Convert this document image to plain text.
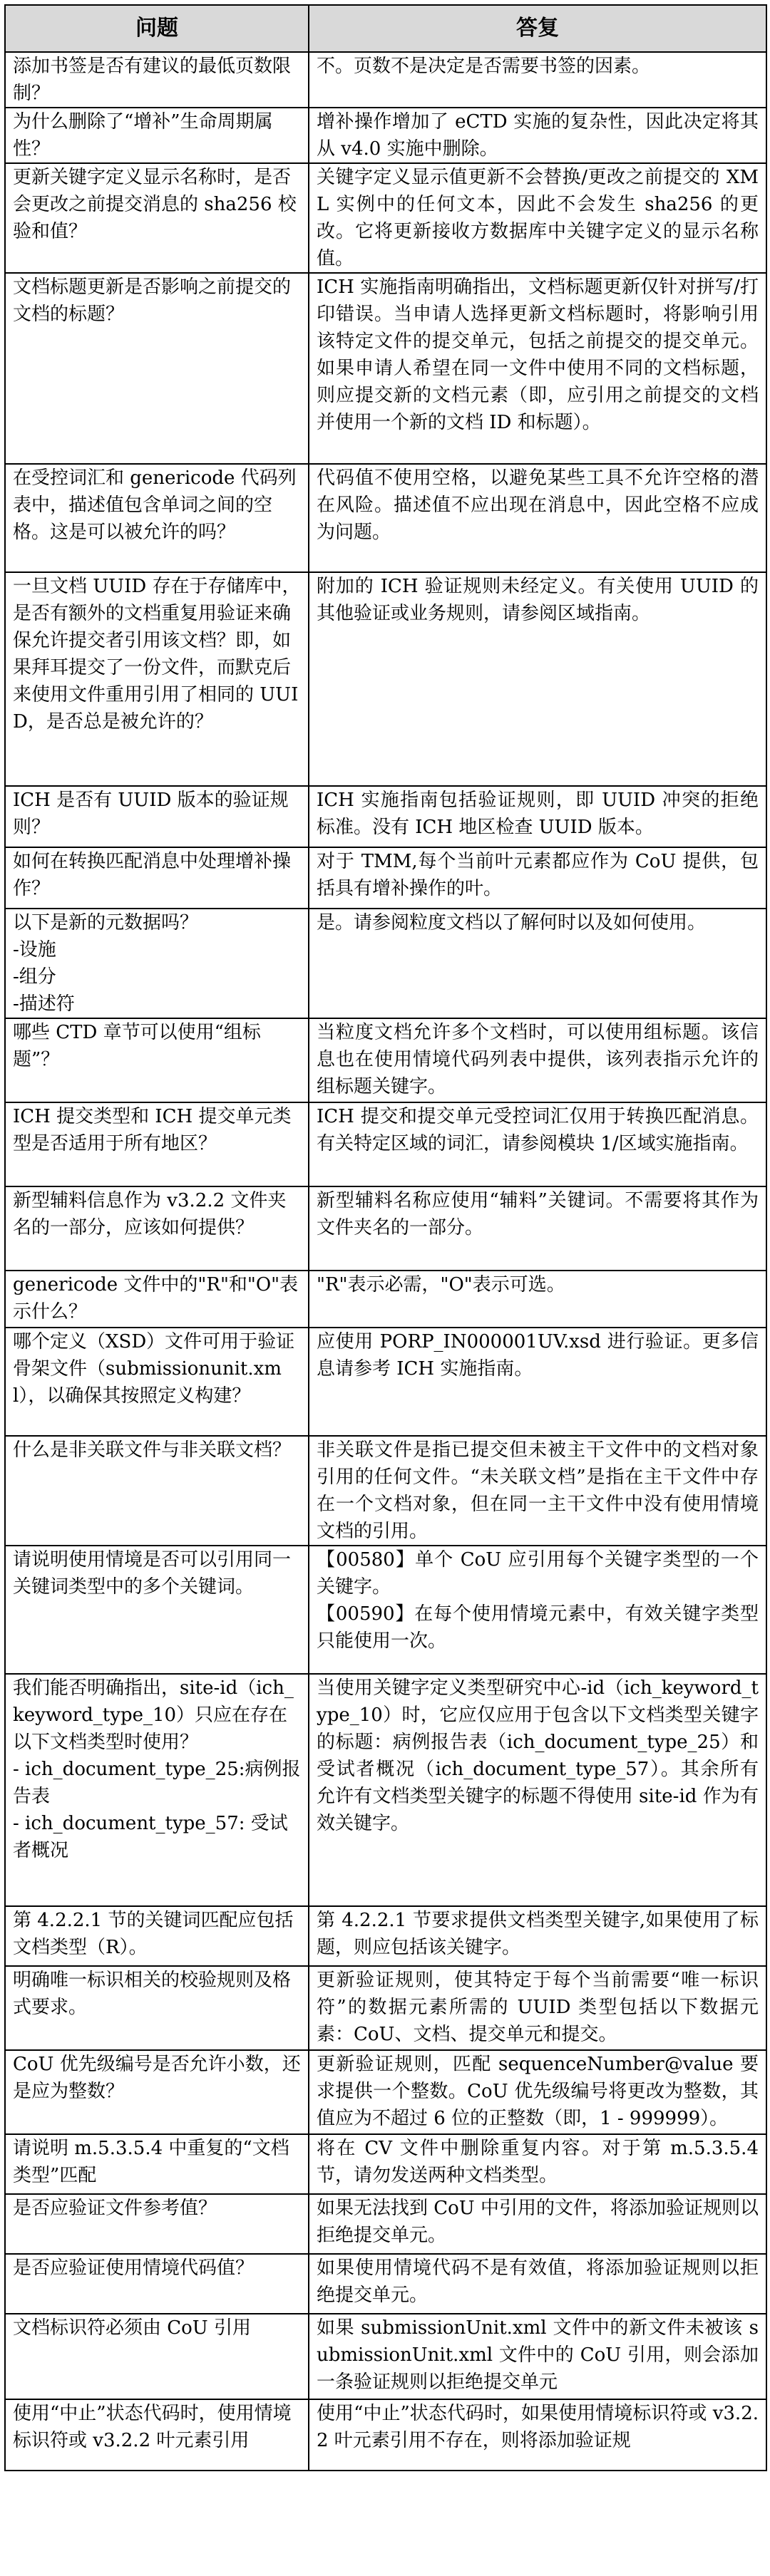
问题	答复
添加书签是否有建议的最低页数限制？	不。页数不是决定是否需要书签的因素。
为什么删除了“增补”生命周期属性？	增补操作增加了 eCTD 实施的复杂性，因此决定将其从 v4.0 实施中删除。
更新关键字定义显示名称时，是否会更改之前提交消息的 sha256 校验和值？	关键字定义显示值更新不会替换/更改之前提交的 XML 实例中的任何文本，因此不会发生 sha256 的更改。它将更新接收方数据库中关键字定义的显示名称值。
文档标题更新是否影响之前提交的文档的标题？	ICH 实施指南明确指出，文档标题更新仅针对拼写/打印错误。当申请人选择更新文档标题时，将影响引用该特定文件的提交单元，包括之前提交的提交单元。如果申请人希望在同一文件中使用不同的文档标题，则应提交新的文档元素（即，应引用之前提交的文档并使用一个新的文档 ID 和标题）。
在受控词汇和 genericode 代码列表中，描述值包含单词之间的空格。这是可以被允许的吗？	代码值不使用空格，以避免某些工具不允许空格的潜在风险。描述值不应出现在消息中，因此空格不应成为问题。
一旦文档 UUID 存在于存储库中，是否有额外的文档重复用验证来确保允许提交者引用该文档？即，如果拜耳提交了一份文件，而默克后来使用文件重用引用了相同的 UUID，是否总是被允许的？	附加的 ICH 验证规则未经定义。有关使用 UUID 的其他验证或业务规则，请参阅区域指南。
ICH 是否有 UUID 版本的验证规则？	ICH 实施指南包括验证规则，即 UUID 冲突的拒绝标准。没有 ICH 地区检查 UUID 版本。
如何在转换匹配消息中处理增补操作？	对于 TMM,每个当前叶元素都应作为 CoU 提供，包括具有增补操作的叶。
以下是新的元数据吗？
-设施
-组分
-描述符	是。请参阅粒度文档以了解何时以及如何使用。
哪些 CTD 章节可以使用“组标题”？	当粒度文档允许多个文档时，可以使用组标题。该信息也在使用情境代码列表中提供，该列表指示允许的组标题关键字。
ICH 提交类型和 ICH 提交单元类型是否适用于所有地区？	ICH 提交和提交单元受控词汇仅用于转换匹配消息。有关特定区域的词汇，请参阅模块 1/区域实施指南。
新型辅料信息作为 v3.2.2 文件夹名的一部分，应该如何提供？	新型辅料名称应使用“辅料”关键词。不需要将其作为文件夹名的一部分。
genericode 文件中的"R"和"O"表示什么？	"R"表示必需，"O"表示可选。
哪个定义（XSD）文件可用于验证骨架文件（submissionunit.xml），以确保其按照定义构建？	应使用 PORP_IN000001UV.xsd 进行验证。更多信息请参考 ICH 实施指南。
什么是非关联文件与非关联文档？	非关联文件是指已提交但未被主干文件中的文档对象引用的任何文件。“未关联文档”是指在主干文件中存在一个文档对象，但在同一主干文件中没有使用情境文档的引用。
请说明使用情境是否可以引用同一关键词类型中的多个关键词。	【00580】单个 CoU 应引用每个关键字类型的一个关键字。
【00590】在每个使用情境元素中，有效关键字类型只能使用一次。
我们能否明确指出，site-id（ich_keyword_type_10）只应在存在以下文档类型时使用？
- ich_document_type_25:病例报告表
- ich_document_type_57: 受试者概况	当使用关键字定义类型研究中心-id（ich_keyword_type_10）时，它应仅应用于包含以下文档类型关键字的标题：病例报告表（ich_document_type_25）和受试者概况（ich_document_type_57）。其余所有允许有文档类型关键字的标题不得使用 site-id 作为有效关键字。
第 4.2.2.1 节的关键词匹配应包括文档类型（R）。	第 4.2.2.1 节要求提供文档类型关键字,如果使用了标题，则应包括该关键字。
明确唯一标识相关的校验规则及格式要求。	更新验证规则，使其特定于每个当前需要“唯一标识符”的数据元素所需的 UUID 类型包括以下数据元素：CoU、文档、提交单元和提交。
CoU 优先级编号是否允许小数，还是应为整数？	更新验证规则，匹配 sequenceNumber@value 要求提供一个整数。CoU 优先级编号将更改为整数，其值应为不超过 6 位的正整数（即，1 - 999999）。
请说明 m.5.3.5.4 中重复的“文档类型”匹配	将在 CV 文件中删除重复内容。对于第 m.5.3.5.4 节，请勿发送两种文档类型。
是否应验证文件参考值？	如果无法找到 CoU 中引用的文件，将添加验证规则以拒绝提交单元。
是否应验证使用情境代码值？	如果使用情境代码不是有效值，将添加验证规则以拒绝提交单元。
文档标识符必须由 CoU 引用	如果 submissionUnit.xml 文件中的新文件未被该 submissionUnit.xml 文件中的 CoU 引用，则会添加一条验证规则以拒绝提交单元
使用“中止”状态代码时，使用情境标识符或 v3.2.2 叶元素引用	使用“中止”状态代码时，如果使用情境标识符或 v3.2.2 叶元素引用不存在，则将添加验证规
